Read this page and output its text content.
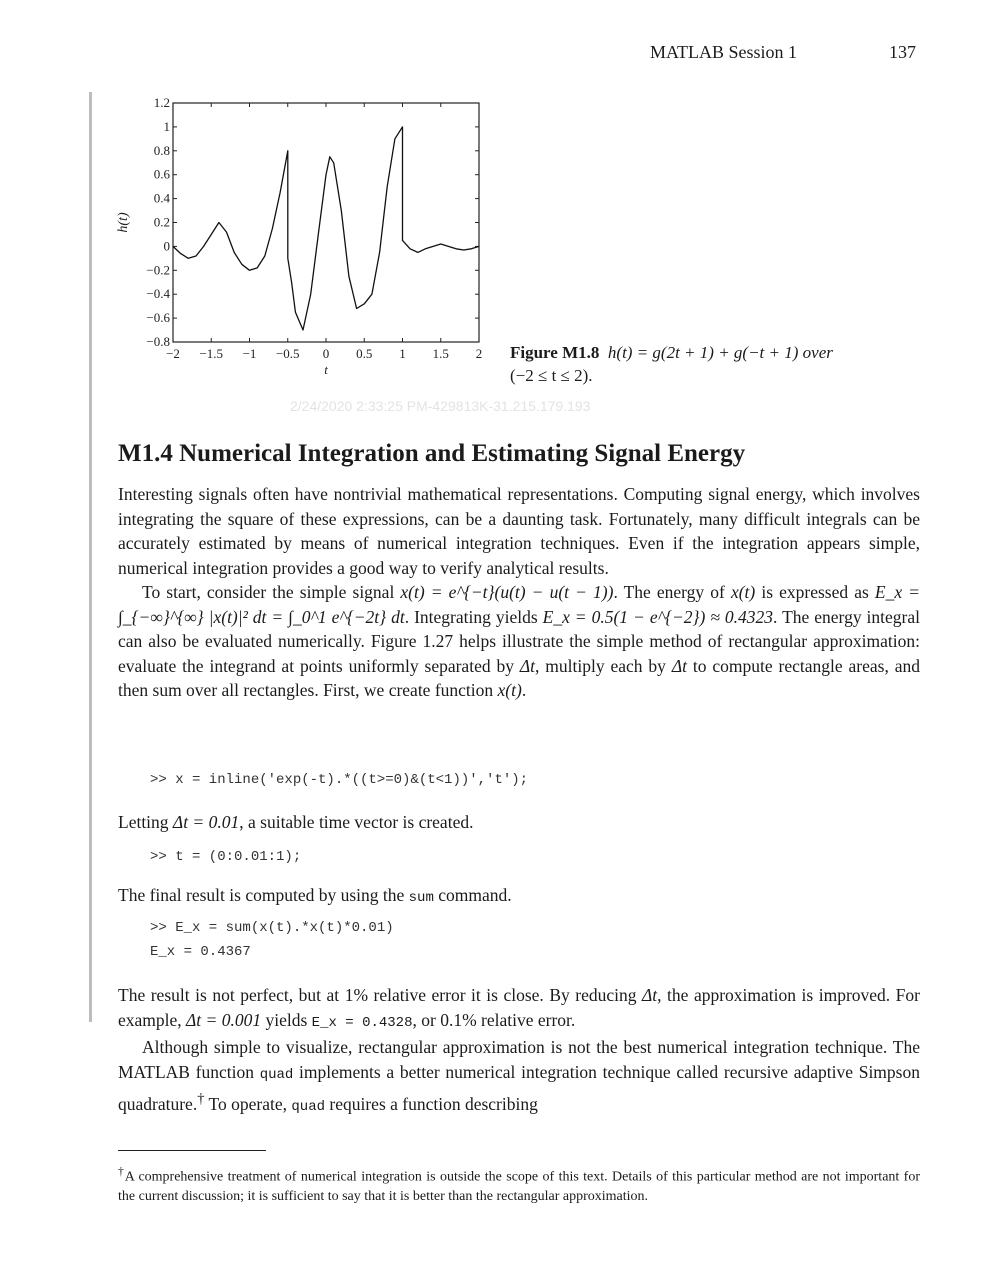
MATLAB Session 1	137
−2 −1.5 −1 −0.5 0 0.5 1 1.5 2
1.2
1
0.8
0.6
0.4
0.2
0
−0.2
−0.4
−0.6
−0.8
t
h(t)
Figure M1.8 h(t) = g(2t + 1) + g(−t + 1) over
(−2 ≤ t ≤ 2).
2/24/2020 2:33:25 PM-429813K-31.215.179.193
M1.4 Numerical Integration and Estimating Signal Energy

Interesting signals often have nontrivial mathematical representations. Computing signal energy, which involves integrating the square of these expressions, can be a daunting task. Fortunately, many difficult integrals can be accurately estimated by means of numerical integration techniques. Even if the integration appears simple, numerical integration provides a good way to verify analytical results.

To start, consider the simple signal x(t) = e^{−t}(u(t) − u(t − 1)). The energy of x(t) is expressed as E_x = ∫_{−∞}^{∞} |x(t)|² dt = ∫_0^1 e^{−2t} dt. Integrating yields E_x = 0.5(1 − e^{−2}) ≈ 0.4323. The energy integral can also be evaluated numerically. Figure 1.27 helps illustrate the simple method of rectangular approximation: evaluate the integrand at points uniformly separated by Δt, multiply each by Δt to compute rectangle areas, and then sum over all rectangles. First, we create function x(t).

>> x = inline('exp(-t).*((t>=0)&(t<1))','t');

Letting Δt = 0.01, a suitable time vector is created.

>> t = (0:0.01:1);

The final result is computed by using the sum command.

>> E_x = sum(x(t).*x(t)*0.01)
E_x = 0.4367

The result is not perfect, but at 1% relative error it is close. By reducing Δt, the approximation is improved. For example, Δt = 0.001 yields E_x = 0.4328, or 0.1% relative error.

Although simple to visualize, rectangular approximation is not the best numerical integration technique. The MATLAB function quad implements a better numerical integration technique called recursive adaptive Simpson quadrature.† To operate, quad requires a function describing

†A comprehensive treatment of numerical integration is outside the scope of this text. Details of this particular method are not important for the current discussion; it is sufficient to say that it is better than the rectangular approximation.
